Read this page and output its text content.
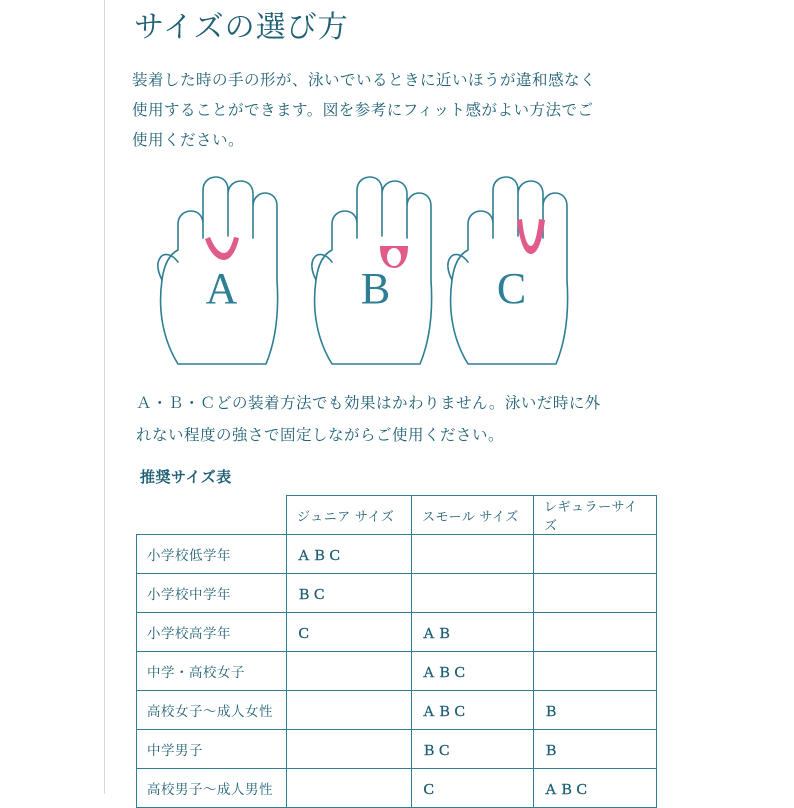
サイズの選び方

装着した時の手の形が、泳いでいるときに近いほうが違和感なく使用することができます。図を参考にフィット感がよい方法でご使用ください。

A	B	C

Ａ・Ｂ・Ｃどの装着方法でも効果はかわりません。泳いだ時に外れない程度の強さで固定しながらご使用ください。

推奨サイズ表
	ジュニア サイズ	スモール サイズ	レギュラーサイズ
小学校低学年	ＡＢＣ		
小学校中学年	ＢＣ		
小学校高学年	Ｃ	ＡＢ	
中学・高校女子		ＡＢＣ	
高校女子〜成人女性		ＡＢＣ	Ｂ
中学男子		ＢＣ	Ｂ
高校男子〜成人男性		Ｃ	ＡＢＣ
